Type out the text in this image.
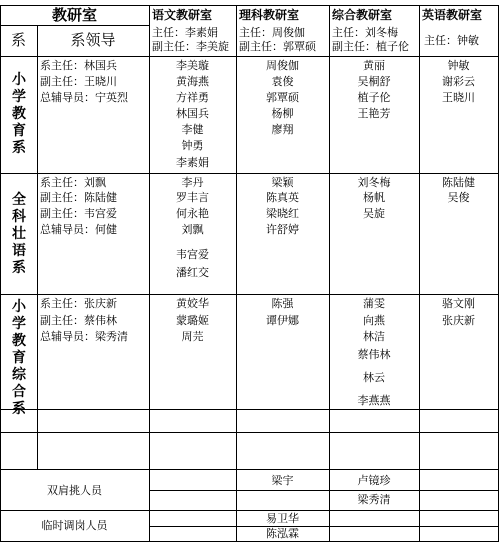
教研室
系	系领导
语文教研室
主任：李素娟
副主任：李美旋
理科教研室
主任：周俊伽
副主任：郭覃硕
综合教研室
主任：刘冬梅
副主任：植子伦
英语教研室
主任：钟敏
小学教育系
系主任：林国兵
副主任：王晓川
总辅导员：宁英烈
李美璇
黄海燕
方祥勇
林国兵
李健
钟勇
李素娟
周俊伽
袁俊
郭覃硕
杨柳
廖翔
黄丽
吴桐舒
植子伦
王艳芳
钟敏
谢彩云
王晓川
全科壮语系
系主任：刘飘
副主任：陈陆健
副主任：韦宫爱
总辅导员：何健
李丹
罗丰言
何永艳
刘飘
韦宫爱
潘红交
梁颖
陈真英
梁晓红
许舒婷
刘冬梅
杨帆
吴旋
陈陆健
吴俊
小学教育综合系
系主任：张庆新
副主任：蔡伟林
总辅导员：梁秀清
黄姣华
蒙璐姬
周芫
陈强
谭伊娜
蒲雯
向燕
林洁
蔡伟林
林云
李燕燕
骆文刚
张庆新
双肩挑人员
梁宇	卢镜珍
梁秀清
临时调岗人员
易卫华
陈泓霖
